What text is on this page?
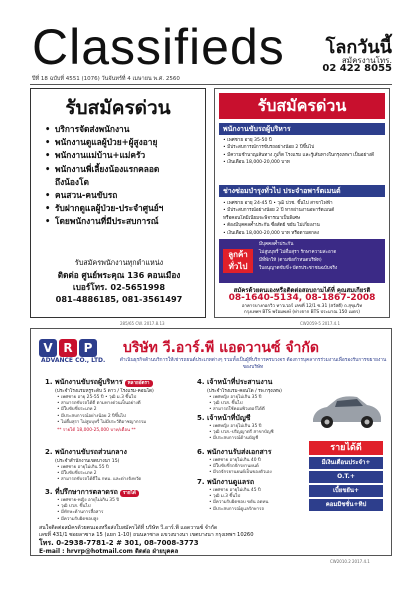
Classifieds โลกวันนี้
สมัครงานโทร.
02 422 8055
ปีที่ 18 ฉบับที่ 4551 (1076) วันจันทร์ที่ 4 เมษายน พ.ศ. 2560
รับสมัครด่วน
• บริการจัดส่งพนักงาน
• พนักงานดูแลผู้ป่วย+ผู้สูงอายุ
• พนักงานแม่บ้าน+แม่ครัว
• พนักงานพี่เลี้ยงน้องแรกคลอด
ถึงน้องโต
• คนสวน-คนขับรถ
• รับฝากดูแลผู้ป่วย-ประจำศูนย์ฯ
• โดยพนักงานที่มีประสบการณ์
รับสมัครพนักงานทุกตำแหน่ง
ติดต่อ ศูนย์พระคุณ 136 คอนเมือง
เบอร์โทร. 02-5651998
081-4886185, 081-3561497
285/65 CW. 2017.8.13
รับสมัครด่วน
พนักงานขับรถผู้บริหาร
• เพศชาย อายุ 35-50 ปี
• มีประสบการณ์การขับรถอย่างน้อย 2 ปีขึ้นไป
• มีความชำนาญเส้นทาง ภูเก็ต โรงแรม และรู้เส้นทางในกรุงเทพฯ เป็นอย่างดี
• เงินเดือน 18,000-20,000 บาท
ช่างซ่อมบำรุงทั่วไป ประจำอพาร์ตเมนต์
• เพศชาย อายุ 24-45 ปี • วุฒิ ปวช. ขึ้นไป สาขาไฟฟ้า
• มีประสบการณ์อย่างน้อย 2 ปี หากผ่านงานอพาร์ตเมนต์
หรือคอนโดมิเนียมจะพิจารณาเป็นพิเศษ
• ต้องมีบุคคลค้ำประกัน ซื่อสัตย์ ขยัน ไม่เกี่ยงงาน
• เงินเดือน 18,000-20,000 บาท หรือตามตกลง
ลูกค้าทั่วไป
มีบุคคลค้ำประกัน
ไม่สูบบุหรี่ ไม่ดื่มสุรา รักษาความสะอาด
มีที่พักให้ (ตามข้อกำหนดบริษัท)
ใบอนุญาตขับขี่+บัตรประชาชนฉบับจริง
สมัครด้วยตนเองหรือติดต่อสอบถามได้ที่ คุณสมเกียรติ
08-1640-5134, 08-1867-2008
อาคารบางกอกวิว ทาวเวอร์ เลขที่ 12/1 ซ.31 (สวัสดี) ถ.สุขุมวิท
กรุงเทพฯ BTS พร้อมพงษ์ (ห่างจาก BTS ประมาณ 150 เมตร)
CW2059-5 2017.4.1
V R P
ADVANCE CO., LTD.
บริษัท วี.อาร์.พี แอดวานซ์ จำกัด
ดำเนินธุรกิจด้านบริการให้เช่ารถยนต์ประเภทต่างๆ รวมทั้งเป็นผู้ที่บริการครบวงจร ต้องการบุคลากรร่วมงานเพื่อรองรับการขยายงานของบริษัท
1. พนักงานขับรถผู้บริหาร หลายอัตรา
(ประจำโรงแรมหรูระดับ 5 ดาว / โรงแรม-คอนโด)
• เพศชาย อายุ 25-55 ปี • วุฒิ ม.3 ขึ้นไป
• สามารถขับรถได้ดี ตามทางด่วนเป็นอย่างดี
• มีใบขับขี่ประเภท 2
• มีประสบการณ์อย่างน้อย 2 ปีขึ้นไป
• ไม่ดื่มสุรา ไม่สูบบุหรี่ ไม่มีประวัติอาชญากรรม
** รายได้ 18,000-25,000 บาท/เดือน **
2. พนักงานขับรถส่วนกลาง
(ประจำสำนักงานเขตบางนา 15)
• เพศชาย อายุไม่เกิน 55 ปี
• มีใบขับขี่ประเภท 2
• สามารถขับรถได้ดีใน กทม. และต่างจังหวัด
3. ที่ปรึกษาการตลาดรถ รายได้
• เพศชาย-หญิง อายุไม่เกิน 35 ปี
• วุฒิ ปวส. ขึ้นไป
• มีทักษะด้านการสื่อสาร
• มีความรับผิดชอบสูง
4. เจ้าหน้าที่ประสานงาน
(ประจำโรงแรม-คอนโด / รพ.กรุงเทพ)
• เพศหญิง อายุไม่เกิน 35 ปี
• วุฒิ ปวส. ขึ้นไป
• สามารถใช้คอมพิวเตอร์ได้ดี
5. เจ้าหน้าที่บัญชี
• เพศหญิง อายุไม่เกิน 35 ปี
• วุฒิ ปวส.-ปริญญาตรี สาขาบัญชี
• มีประสบการณ์ด้านบัญชี
6. พนักงานรับส่งเอกสาร
• เพศชาย อายุไม่เกิน 40 ปี
• มีใบขับขี่รถจักรยานยนต์
• มีรถจักรยานยนต์เป็นของตัวเอง
7. พนักงานดูแลรถ
• เพศชาย อายุไม่เกิน 45 ปี
• วุฒิ ม.3 ขึ้นไป
• มีความรับผิดชอบ ขยัน อดทน
• มีประสบการณ์ดูแลรักษารถ
รายได้ดี
มีเงินเดือนประจำ+
O.T.+
เบี้ยขยัน+
คอมมิชชั่น+ทิป
สนใจติดต่อสมัครด้วยตนเองหรือส่งใบสมัครได้ที่ บริษัท วี.อาร์.พี แอดวานซ์ จำกัด
เลขที่ 431/1 ซอยลาซาล 15 (แยก 1-10) ถนนลาซาล แขวงบางนา เขตบางนา กรุงเทพฯ 10260
โทร. 0-2938-7781-2 # 301, 08-7008-3773
E-mail : hrvrp@hotmail.com ติดต่อ ฝ่ายบุคคล
CW2010.2 2017.4.1
